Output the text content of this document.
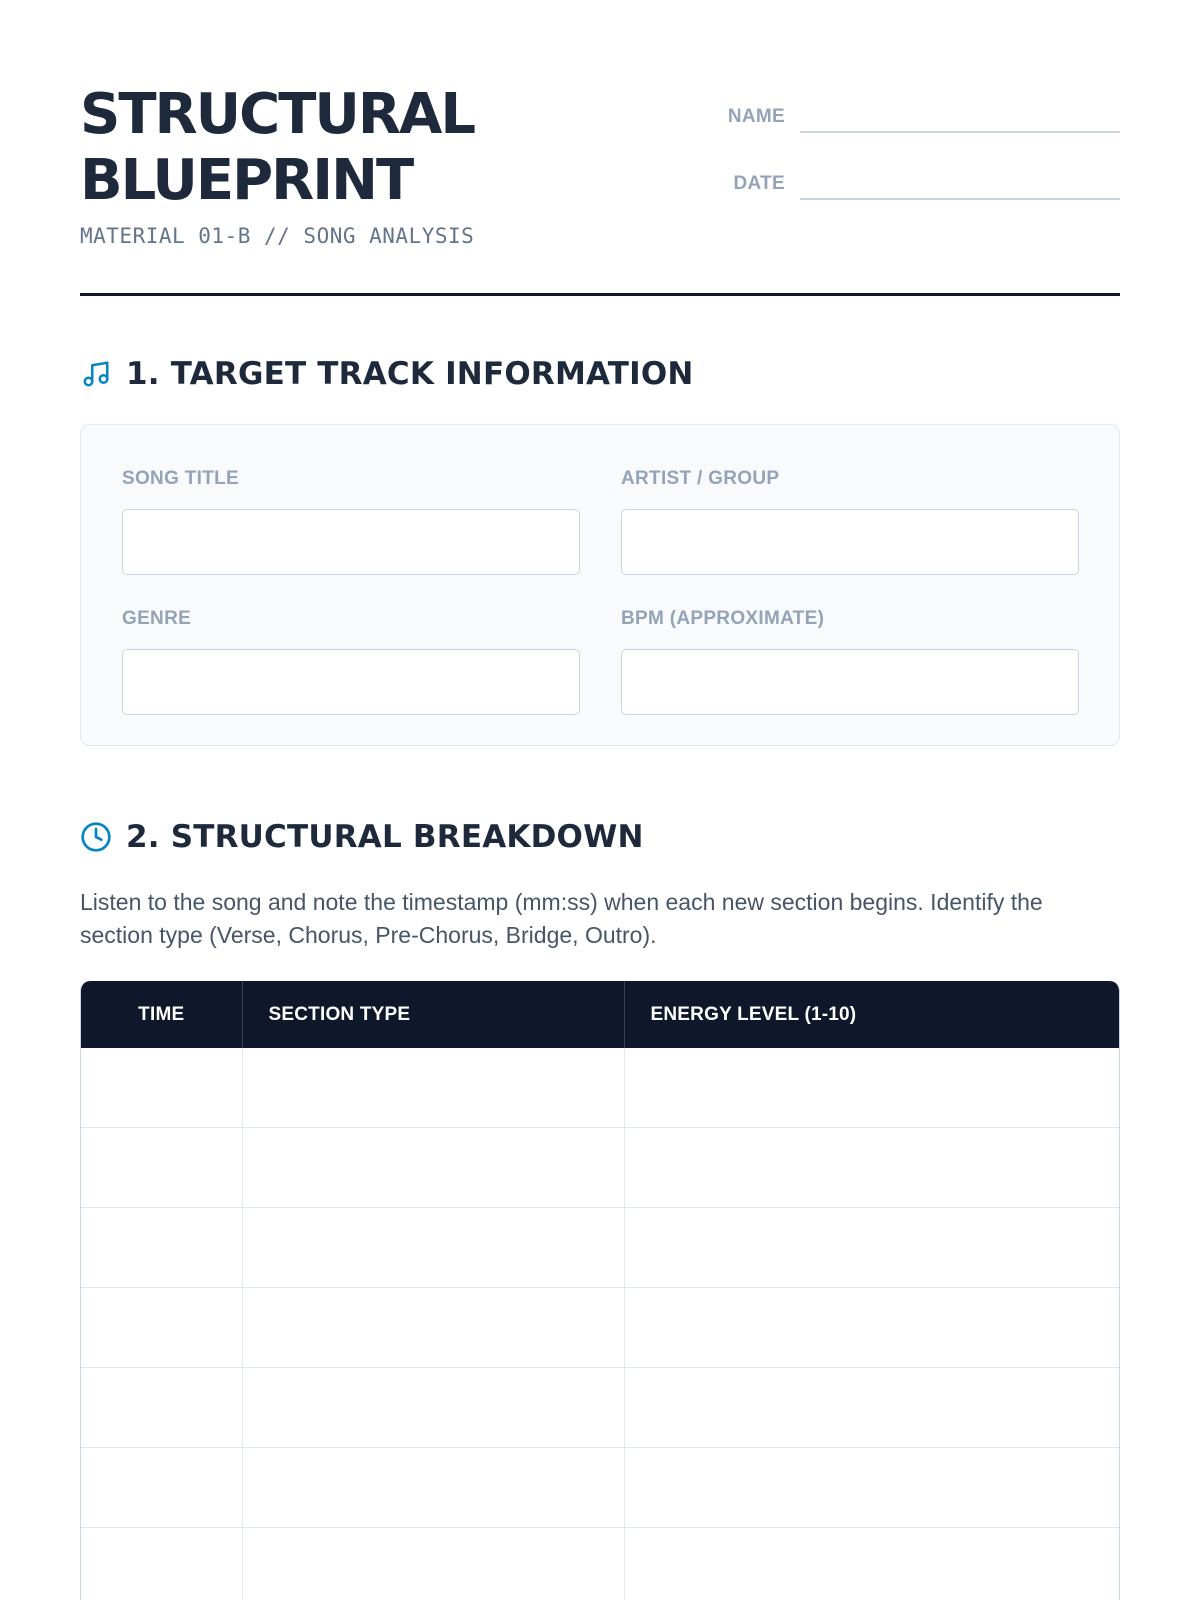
STRUCTURAL
BLUEPRINT
MATERIAL 01-B // SONG ANALYSIS
NAME
DATE
1. TARGET TRACK INFORMATION
SONG TITLE	ARTIST / GROUP
GENRE	BPM (APPROXIMATE)
2. STRUCTURAL BREAKDOWN
Listen to the song and note the timestamp (mm:ss) when each new section begins. Identify the section type (Verse, Chorus, Pre-Chorus, Bridge, Outro).
TIME	SECTION TYPE	ENERGY LEVEL (1-10)
